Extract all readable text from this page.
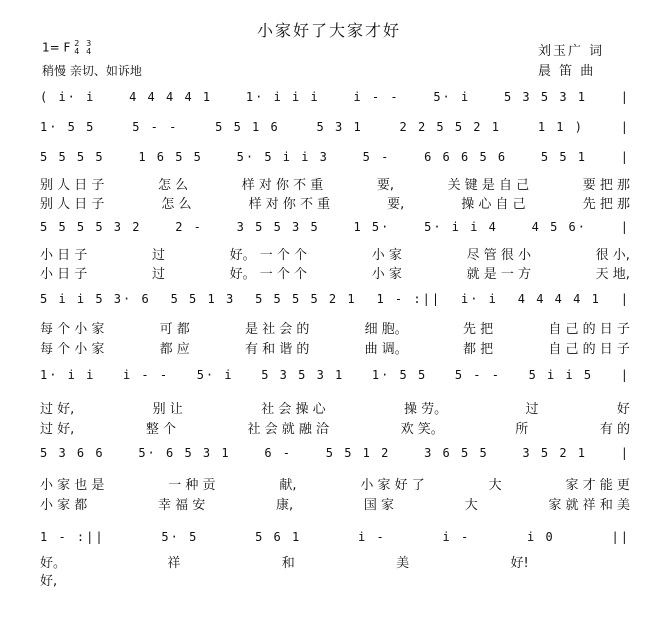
小家好了大家才好
1= F 2
4 3
4
稍慢 亲切、如诉地
刘玉广 词
晨 笛 曲
( i· i	4 4 4 4 1	1· i i i	i - -	5· i	5 3 5 3 1	|
1· 5 5	5 - -	5 5 1 6	5 3 1	2 2 5 5 2 1	1 1 )	|
5 5 5 5	1 6 5 5	5· 5 i i 3	5 -	6 6 6 5 6	5 5 1	|
别 人 日 子	怎 么	样 对 你 不 重	要,	关 键 是 自 己	要 把 那
别 人 日 子	怎 么	样 对 你 不 重	要,	操 心 自 己	先 把 那
5 5 5 5 3 2	2 -	3 5 5 3 5	1 5·	5· i i 4	4 5 6·	|
小 日 子	过	好。 一 个 个	小 家	尽 管 很 小	很 小,
小 日 子	过	好。 一 个 个	小 家	就 是 一 方	天 地,
5 i i 5 3· 6 5 5 1 3 5 5 5 5 2 1 1 - :|| i· i 4 4 4 4 1 |
每 个 小 家	可 都	是 社 会 的	细 胞。	先 把	自 己 的 日 子
每 个 小 家	都 应	有 和 谐 的	曲 调。	都 把	自 己 的 日 子
1· i i i - - 5· i 5 3 5 3 1 1· 5 5 5 - - 5 i i 5 |
过 好,	别 让	社 会 操 心	操 劳。	过	好
过 好,	整 个	社 会 就 融 洽	欢 笑。	所	有 的
5 3 6 6	5· 6 5 3 1	6 -	5 5 1 2	3 6 5 5	3 5 2 1	|
小 家 也 是	一 种 贡	献,	小 家 好 了	大	家 才 能 更
小 家 都	幸 福 安	康,	国 家	大	家 就 祥 和 美
1 - :||	5· 5	5 6 1	i -	i -	i 0	||
好。	祥	和	美	好!
好,
